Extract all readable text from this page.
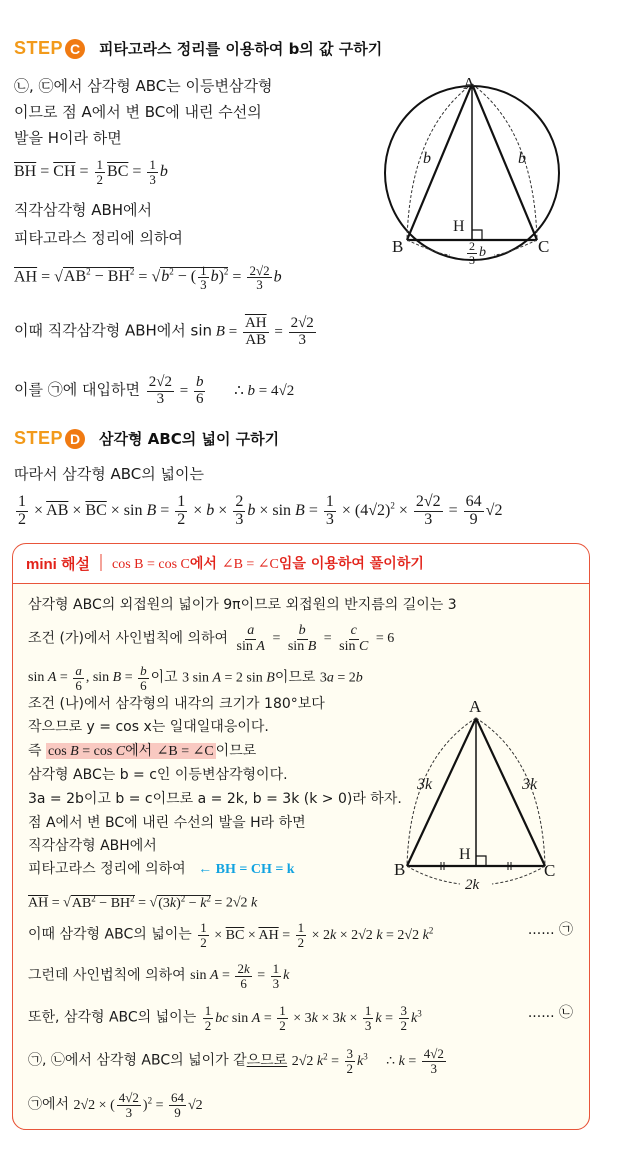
STEP C	피타고라스 정리를 이용하여 b의 값 구하기
㉡, ㉢에서 삼각형 ABC는 이등변삼각형
이므로 점 A에서 변 BC에 내린 수선의
발을 H이라 하면
$\overline{BH} = \overline{CH} = \frac{1}{2} \overline{BC} = \frac{1}{3}$ b
직각삼각형 ABH에서
피타고라스 정리에 의하여
$\overline{AH} = √AB^2 - \overline{BH}^2 = √b^2$ − ( $\frac{1}{3} b)^2 = \frac{2√2}{3}$ b
이때 직각삼각형 ABH에서 $\sin B = \frac{\overline{AH}}{AB} = \frac{2√2}{3}$
이를 ㉠에 대입하면 $\frac{2√2}{3} = \frac{b}{6}$ ∴ b = 4√2
A
B	C
H
b	b
$\frac{2}{3}$ b
STEP D	삼각형 ABC의 넓이 구하기
따라서 삼각형 ABC의 넓이는
$\frac{1}{2} \times \overline{AB} \times \overline{BC} \times \sin B = \frac{1}{2} \times b \times \frac{2}{3}$ $b \times \sin B = \frac{1}{3} \times (4√2)^2 \times \frac{2√2}{3} = \frac{64}{9} √2$
mini 해설 cos B = cos C에서 ∠B = ∠C임을 이용하여 풀이하기
삼각형 ABC의 외접원의 넓이가 9π이므로 외접원의 반지름의 길이는 3
조건 (가)에서 사인법칙에 의하여 $\frac{a}{\text{sin A}} = \frac{b}{\text{sin B}} = \frac{c}{\text{sin C}} = 6$
$\sin A = \frac{a}{6}$ , $\sin B = \frac{b}{6}$ 이고 3 sin A = 2 sin B이므로 3a = 2b
조건 (나)에서 삼각형의 내각의 크기가 180°보다
작으므로 y = cos x는 일대일대응이다.
즉 cos B = cos C에서 ∠B = ∠C 이므로
삼각형 ABC는 b = c인 이등변삼각형이다.
3a = 2b이고 b = c이므로 a = 2k, b = 3k (k > 0)라 하자.
점 A에서 변 BC에 내린 수선의 발을 H라 하면
직각삼각형 ABH에서
피타고라스 정리에 의하여 ← BH = CH = k
$\overline{AH} = √AB^2 - \overline{BH}^2 = √(3k)^2 - k^2 = 2√2$ k
이때 삼각형 ABC의 넓이는 $\frac{1}{2} \times \overline{BC} \times \overline{AH} = \frac{1}{2} \times 2k \times 2√2$ k = 2√2 $k^2$	...... ㉠
그런데 사인법칙에 의하여 $\sin A = \frac{2k}{6} = \frac{1}{3}$ k
또한, 삼각형 ABC의 넓이는 $\frac{1}{2}$ bc $\sin A = \frac{1}{2} \times 3k \times 3k \times \frac{1}{3}$ $k = \frac{3}{2} k^3$	...... ㉡
㉠, ㉡에서 삼각형 ABC의 넓이가 같으므로 2√2 $k^2 = \frac{3}{2} k^3$ ∴ $k = \frac{4√2}{3}$
㉠에서 2√2 × ( $\frac{4√2}{3} )^2 = \frac{64}{9} √2$
A
B	C
H
3k	3k
2k
